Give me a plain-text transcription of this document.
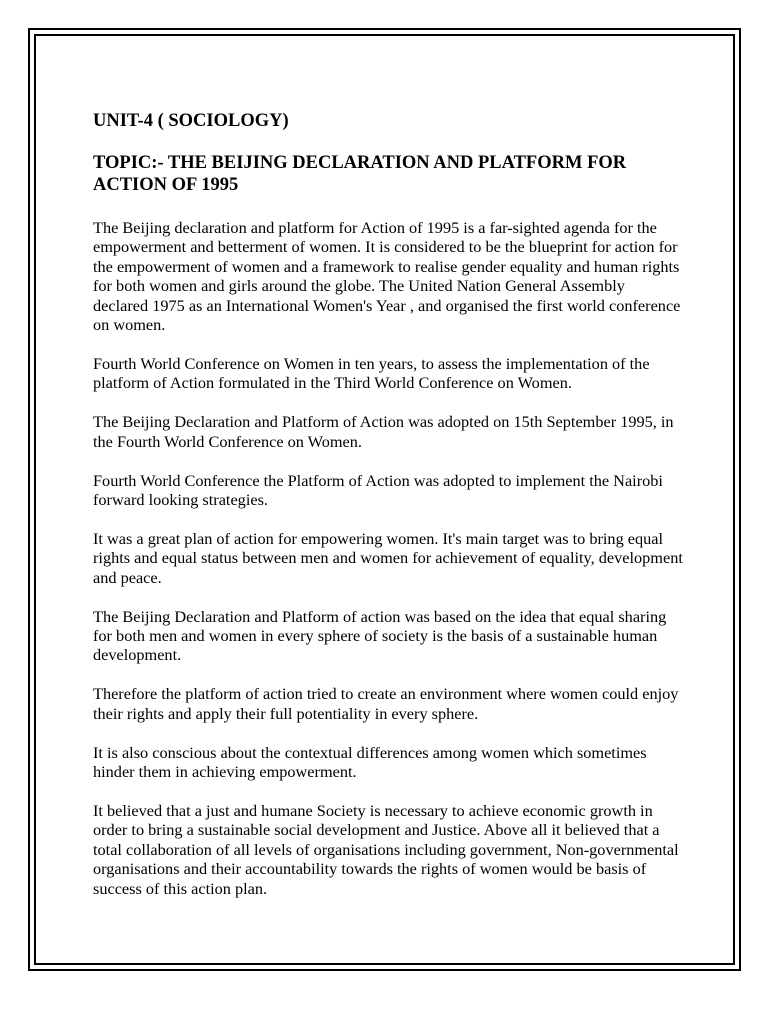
UNIT-4 ( SOCIOLOGY)
TOPIC:- THE BEIJING DECLARATION AND PLATFORM FOR ACTION OF 1995

The Beijing declaration and platform for Action of 1995 is a far-sighted agenda for the empowerment and betterment of women. It is considered to be the blueprint for action for the empowerment of women and a framework to realise gender equality and human rights for both women and girls around the globe. The United Nation General Assembly declared 1975 as an International Women's Year , and organised the first world conference on women.

Fourth World Conference on Women in ten years, to assess the implementation of the platform of Action formulated in the Third World Conference on Women.

The Beijing Declaration and Platform of Action was adopted on 15th September 1995, in the Fourth World Conference on Women.

Fourth World Conference the Platform of Action was adopted to implement the Nairobi forward looking strategies.

It was a great plan of action for empowering women. It's main target was to bring equal rights and equal status between men and women for achievement of equality, development and peace.

The Beijing Declaration and Platform of action was based on the idea that equal sharing for both men and women in every sphere of society is the basis of a sustainable human development.

Therefore the platform of action tried to create an environment where women could enjoy their rights and apply their full potentiality in every sphere.

It is also conscious about the contextual differences among women which sometimes hinder them in achieving empowerment.

It believed that a just and humane Society is necessary to achieve economic growth in order to bring a sustainable social development and Justice. Above all it believed that a total collaboration of all levels of organisations including government, Non-governmental organisations and their accountability towards the rights of women would be basis of success of this action plan.
